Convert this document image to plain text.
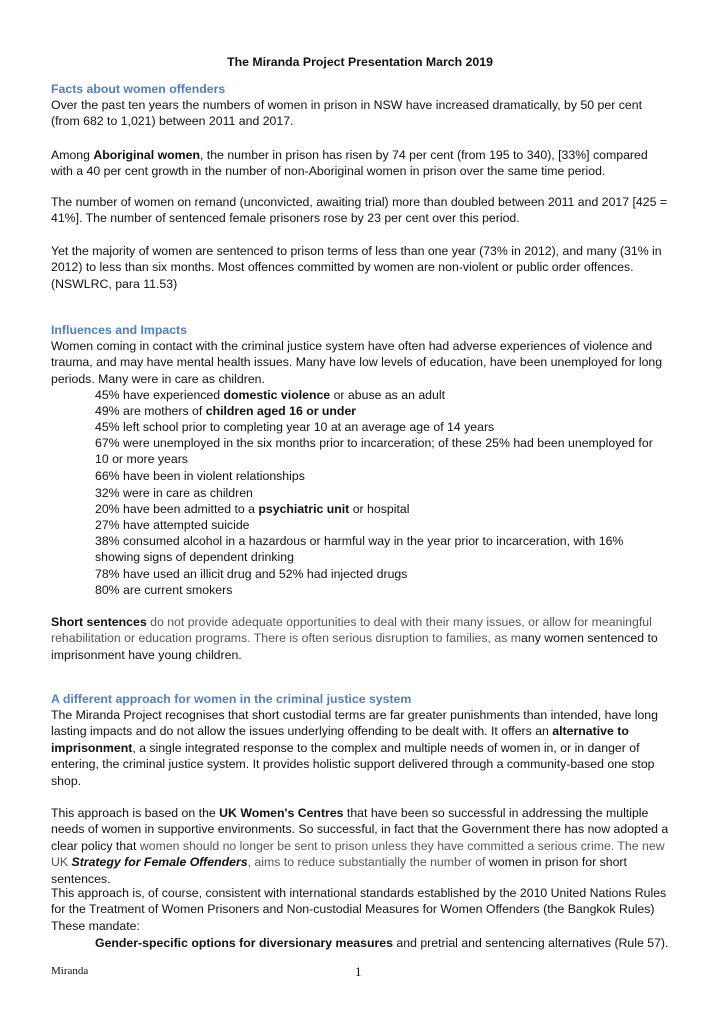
The Miranda Project Presentation March 2019
Facts about women offenders

Over the past ten years the numbers of women in prison in NSW have increased dramatically, by 50 per cent (from 682 to 1,021) between 2011 and 2017.

Among Aboriginal women, the number in prison has risen by 74 per cent (from 195 to 340), [33%] compared with a 40 per cent growth in the number of non-Aboriginal women in prison over the same time period.

The number of women on remand (unconvicted, awaiting trial) more than doubled between 2011 and 2017 [425 = 41%]. The number of sentenced female prisoners rose by 23 per cent over this period.

Yet the majority of women are sentenced to prison terms of less than one year (73% in 2012), and many (31% in 2012) to less than six months. Most offences committed by women are non-violent or public order offences. (NSWLRC, para 11.53)

Influences and Impacts

Women coming in contact with the criminal justice system have often had adverse experiences of violence and trauma, and may have mental health issues. Many have low levels of education, have been unemployed for long periods. Many were in care as children.

45% have experienced domestic violence or abuse as an adult

49% are mothers of children aged 16 or under

45% left school prior to completing year 10 at an average age of 14 years

67% were unemployed in the six months prior to incarceration; of these 25% had been unemployed for 10 or more years

66% have been in violent relationships

32% were in care as children

20% have been admitted to a psychiatric unit or hospital

27% have attempted suicide

38% consumed alcohol in a hazardous or harmful way in the year prior to incarceration, with 16% showing signs of dependent drinking

78% have used an illicit drug and 52% had injected drugs

80% are current smokers

Short sentences do not provide adequate opportunities to deal with their many issues, or allow for meaningful rehabilitation or education programs. There is often serious disruption to families, as many women sentenced to imprisonment have young children.

A different approach for women in the criminal justice system

The Miranda Project recognises that short custodial terms are far greater punishments than intended, have long lasting impacts and do not allow the issues underlying offending to be dealt with. It offers an alternative to imprisonment, a single integrated response to the complex and multiple needs of women in, or in danger of entering, the criminal justice system. It provides holistic support delivered through a community-based one stop shop.

This approach is based on the UK Women's Centres that have been so successful in addressing the multiple needs of women in supportive environments. So successful, in fact that the Government there has now adopted a clear policy that women should no longer be sent to prison unless they have committed a serious crime. The new UK Strategy for Female Offenders, aims to reduce substantially the number of women in prison for short sentences.

This approach is, of course, consistent with international standards established by the 2010 United Nations Rules for the Treatment of Women Prisoners and Non-custodial Measures for Women Offenders (the Bangkok Rules) These mandate:

Gender-specific options for diversionary measures and pretrial and sentencing alternatives (Rule 57).

Miranda	1
